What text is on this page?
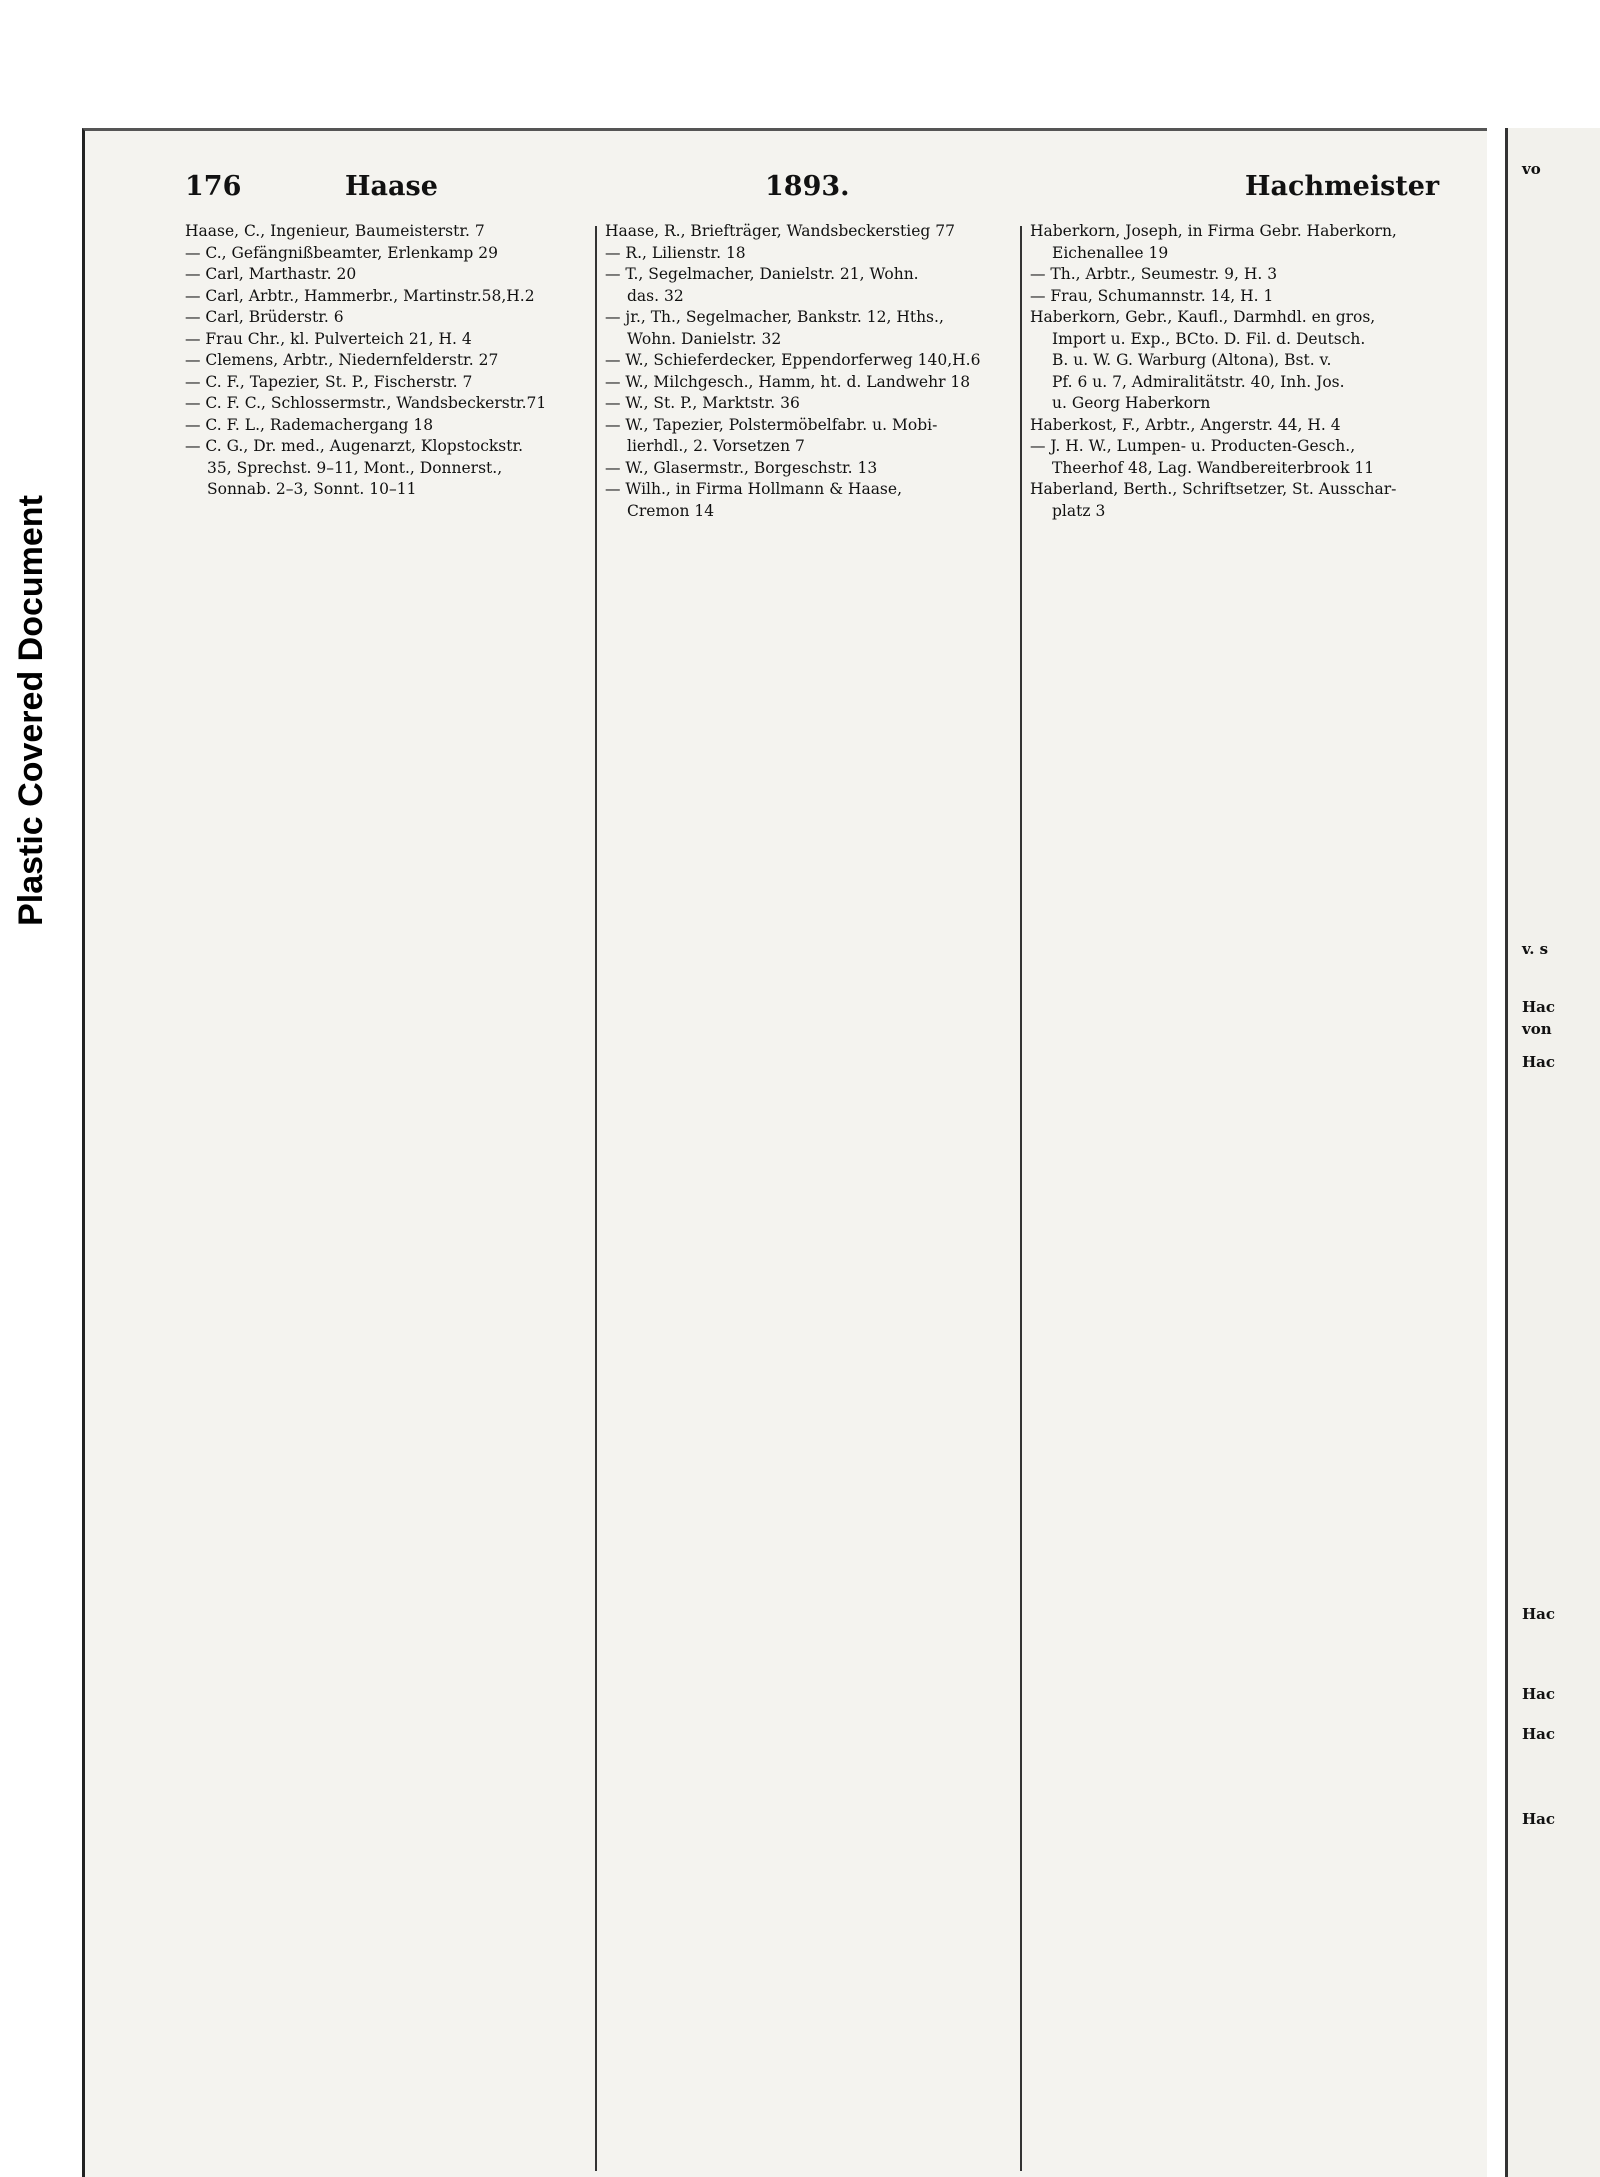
Plastic Covered Document
176	Haase	1893.	Hachmeister

Haase, C., Ingenieur, Baumeisterstr. 7

— C., Gefängnißbeamter, Erlenkamp 29

— Carl, Marthastr. 20

— Carl, Arbtr., Hammerbr., Martinstr.58,H.2

— Carl, Brüderstr. 6

— Frau Chr., kl. Pulverteich 21, H. 4

— Clemens, Arbtr., Niedernfelderstr. 27

— C. F., Tapezier, St. P., Fischerstr. 7

— C. F. C., Schlossermstr., Wandsbeckerstr.71

— C. F. L., Rademachergang 18

— C. G., Dr. med., Augenarzt, Klopstockstr.

35, Sprechst. 9–11, Mont., Donnerst.,

Sonnab. 2–3, Sonnt. 10–11

Haase, R., Briefträger, Wandsbeckerstieg 77

— R., Lilienstr. 18

— T., Segelmacher, Danielstr. 21, Wohn.

das. 32

— jr., Th., Segelmacher, Bankstr. 12, Hths.,

Wohn. Danielstr. 32

— W., Schieferdecker, Eppendorferweg 140,H.6

— W., Milchgesch., Hamm, ht. d. Landwehr 18

— W., St. P., Marktstr. 36

— W., Tapezier, Polstermöbelfabr. u. Mobi-

lierhdl., 2. Vorsetzen 7

— W., Glasermstr., Borgeschstr. 13

— Wilh., in Firma Hollmann & Haase,

Cremon 14

Haberkorn, Joseph, in Firma Gebr. Haberkorn,

Eichenallee 19

— Th., Arbtr., Seumestr. 9, H. 3

— Frau, Schumannstr. 14, H. 1

Haberkorn, Gebr., Kaufl., Darmhdl. en gros,

Import u. Exp., BCto. D. Fil. d. Deutsch.

B. u. W. G. Warburg (Altona), Bst. v.

Pf. 6 u. 7, Admiralitätstr. 40, Inh. Jos.

u. Georg Haberkorn

Haberkost, F., Arbtr., Angerstr. 44, H. 4

— J. H. W., Lumpen- u. Producten-Gesch.,

Theerhof 48, Lag. Wandbereiterbrook 11

Haberland, Berth., Schriftsetzer, St. Ausschar-

platz 3

vo
v. s
Hac
von
Hac
Hac
Hac
Hac
Hac
